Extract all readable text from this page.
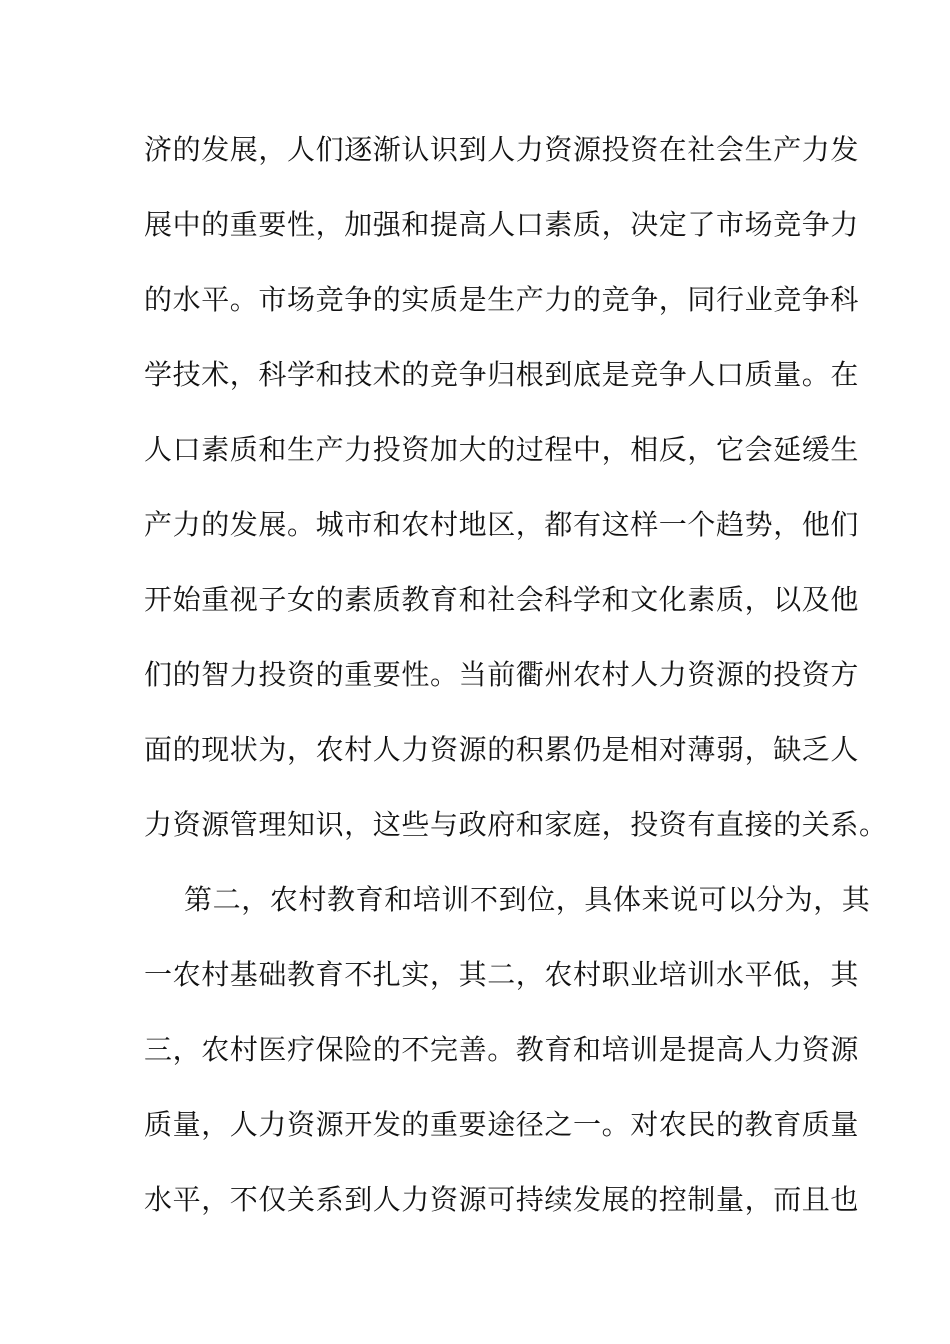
济的发展，人们逐渐认识到人力资源投资在社会生产力发
展中的重要性，加强和提高人口素质，决定了市场竞争力
的水平。市场竞争的实质是生产力的竞争，同行业竞争科
学技术，科学和技术的竞争归根到底是竞争人口质量。在
人口素质和生产力投资加大的过程中，相反，它会延缓生
产力的发展。城市和农村地区，都有这样一个趋势，他们
开始重视子女的素质教育和社会科学和文化素质，以及他
们的智力投资的重要性。当前衢州农村人力资源的投资方
面的现状为，农村人力资源的积累仍是相对薄弱，缺乏人
力资源管理知识，这些与政府和家庭，投资有直接的关系。
第二，农村教育和培训不到位，具体来说可以分为，其
一农村基础教育不扎实，其二，农村职业培训水平低，其
三，农村医疗保险的不完善。教育和培训是提高人力资源
质量，人力资源开发的重要途径之一。对农民的教育质量
水平，不仅关系到人力资源可持续发展的控制量，而且也
